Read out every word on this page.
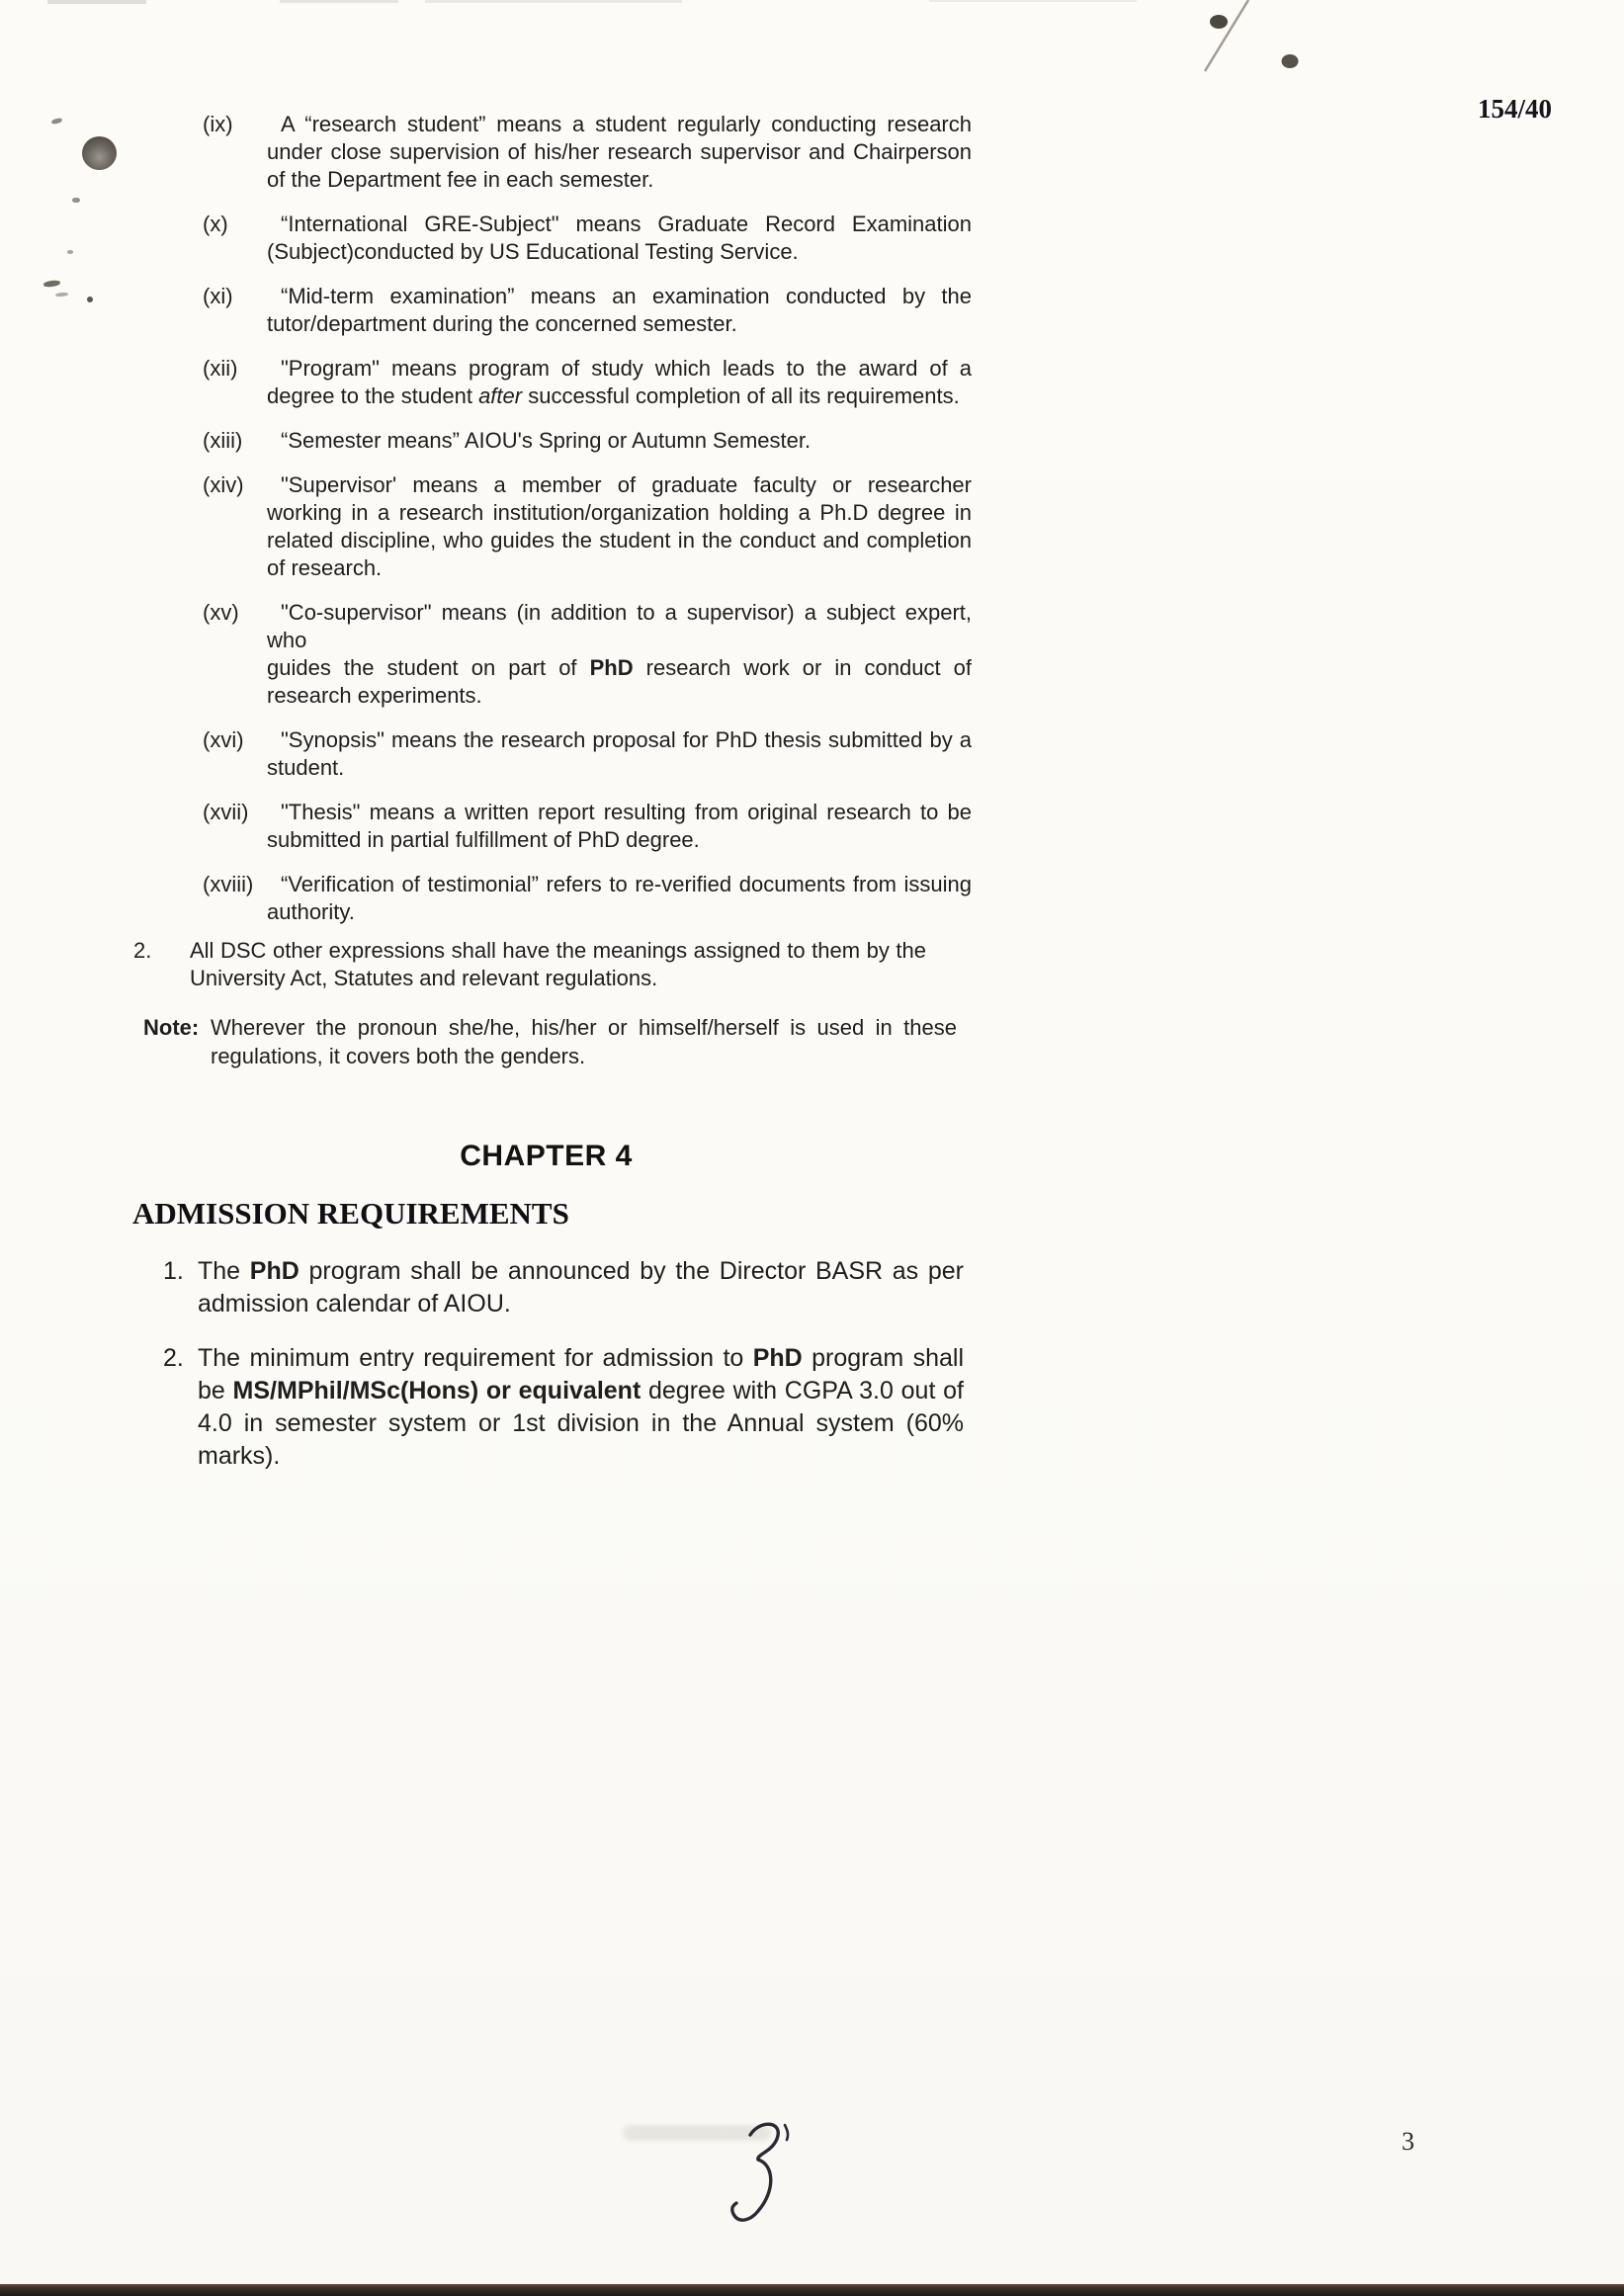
154/40
(ix)	A “research student” means a student regularly conducting research under close supervision of his/her research supervisor and Chairperson of the Department fee in each semester.
(x)	“International GRE-Subject" means Graduate Record Examination (Subject)conducted by US Educational Testing Service.
(xi)	“Mid-term examination” means an examination conducted by the tutor/department during the concerned semester.
(xii)	"Program" means program of study which leads to the award of a degree to the student after successful completion of all its requirements.
(xiii)	“Semester means” AIOU's Spring or Autumn Semester.
(xiv)	"Supervisor' means a member of graduate faculty or researcher working in a research institution/organization holding a Ph.D degree in related discipline, who guides the student in the conduct and completion of research.
(xv)	"Co-supervisor" means (in addition to a supervisor) a subject expert, who
guides the student on part of PhD research work or in conduct of research experiments.
(xvi)	"Synopsis" means the research proposal for PhD thesis submitted by a student.
(xvii)	"Thesis" means a written report resulting from original research to be submitted in partial fulfillment of PhD degree.
(xviii)	“Verification of testimonial” refers to re-verified documents from issuing authority.
2.	All DSC other expressions shall have the meanings assigned to them by the University Act, Statutes and relevant regulations.
Note: Wherever the pronoun she/he, his/her or himself/herself is used in these regulations, it covers both the genders.
CHAPTER 4
ADMISSION REQUIREMENTS
1. The PhD program shall be announced by the Director BASR as per admission calendar of AIOU.
2. The minimum entry requirement for admission to PhD program shall be MS/MPhil/MSc(Hons) or equivalent degree with CGPA 3.0 out of 4.0 in semester system or 1st division in the Annual system (60% marks).
3
